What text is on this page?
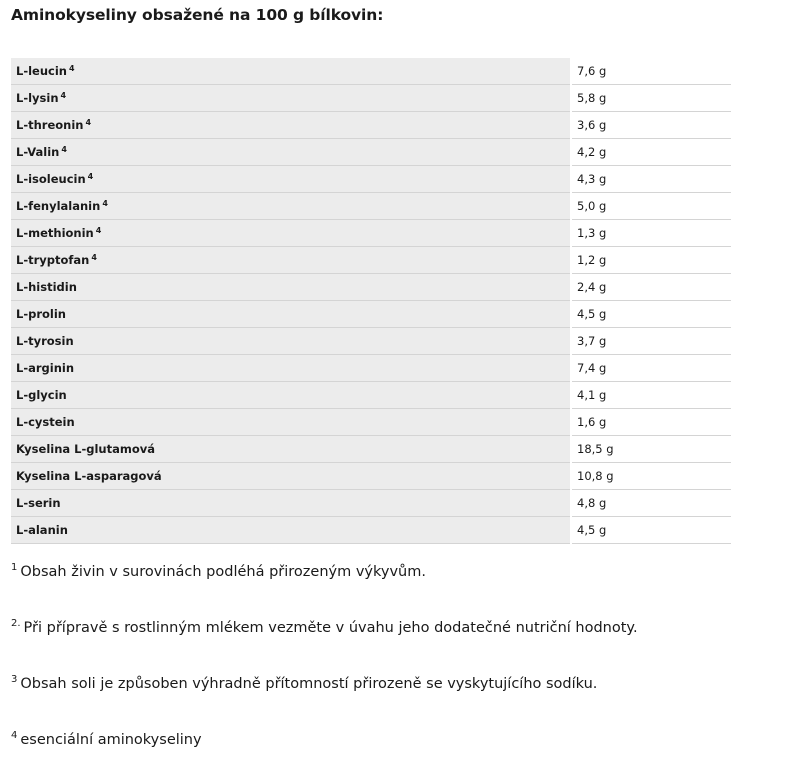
Aminokyseliny obsažené na 100 g bílkovin:
L-leucin $^4$	7,6 g
L-lysin $^4$	5,8 g
L-threonin $^4$	3,6 g
L-Valin $^4$	4,2 g
L-isoleucin $^4$	4,3 g
L-fenylalanin $^4$	5,0 g
L-methionin $^4$	1,3 g
L-tryptofan $^4$	1,2 g
L-histidin	2,4 g
L-prolin	4,5 g
L-tyrosin	3,7 g
L-arginin	7,4 g
L-glycin	4,1 g
L-cystein	1,6 g
Kyselina L-glutamová	18,5 g
Kyselina L-asparagová	10,8 g
L-serin	4,8 g
L-alanin	4,5 g
$^1$ Obsah živin v surovinách podléhá přirozeným výkyvům.
$^{2.}$ Při přípravě s rostlinným mlékem vezměte v úvahu jeho dodatečné nutriční hodnoty.
$^3$ Obsah soli je způsoben výhradně přítomností přirozeně se vyskytujícího sodíku.
$^4$ esenciální aminokyseliny
